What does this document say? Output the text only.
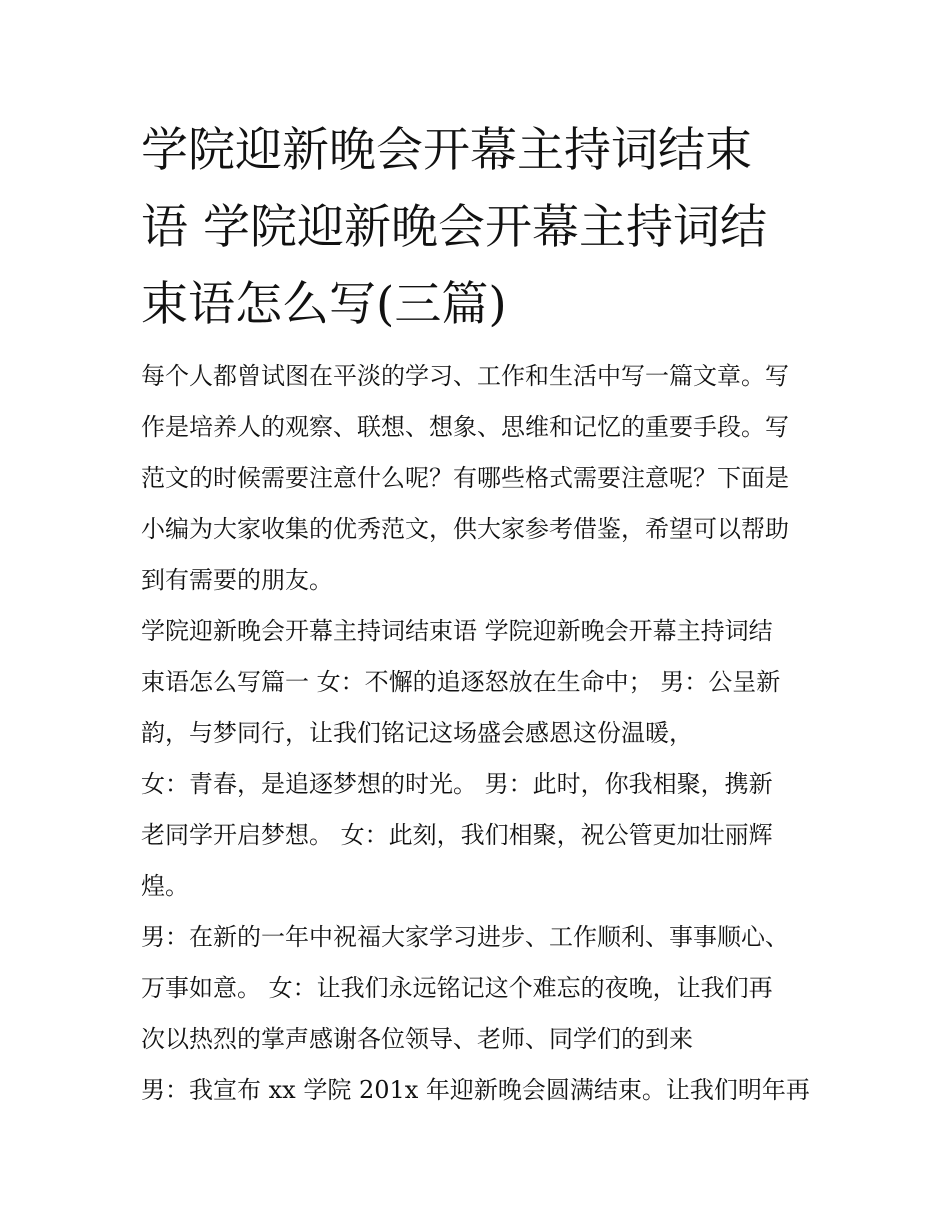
学院迎新晚会开幕主持词结束
语 学院迎新晚会开幕主持词结
束语怎么写(三篇)

每个人都曾试图在平淡的学习、工作和生活中写一篇文章。写
作是培养人的观察、联想、想象、思维和记忆的重要手段。写
范文的时候需要注意什么呢？有哪些格式需要注意呢？下面是
小编为大家收集的优秀范文，供大家参考借鉴，希望可以帮助
到有需要的朋友。

学院迎新晚会开幕主持词结束语 学院迎新晚会开幕主持词结
束语怎么写篇一 女：不懈的追逐怒放在生命中； 男：公呈新
韵，与梦同行，让我们铭记这场盛会感恩这份温暖，

女：青春，是追逐梦想的时光。 男：此时，你我相聚，携新
老同学开启梦想。 女：此刻，我们相聚，祝公管更加壮丽辉
煌。

男：在新的一年中祝福大家学习进步、工作顺利、事事顺心、
万事如意。 女：让我们永远铭记这个难忘的夜晚，让我们再
次以热烈的掌声感谢各位领导、老师、同学们的到来

男：我宣布 xx 学院 201x 年迎新晚会圆满结束。让我们明年再
